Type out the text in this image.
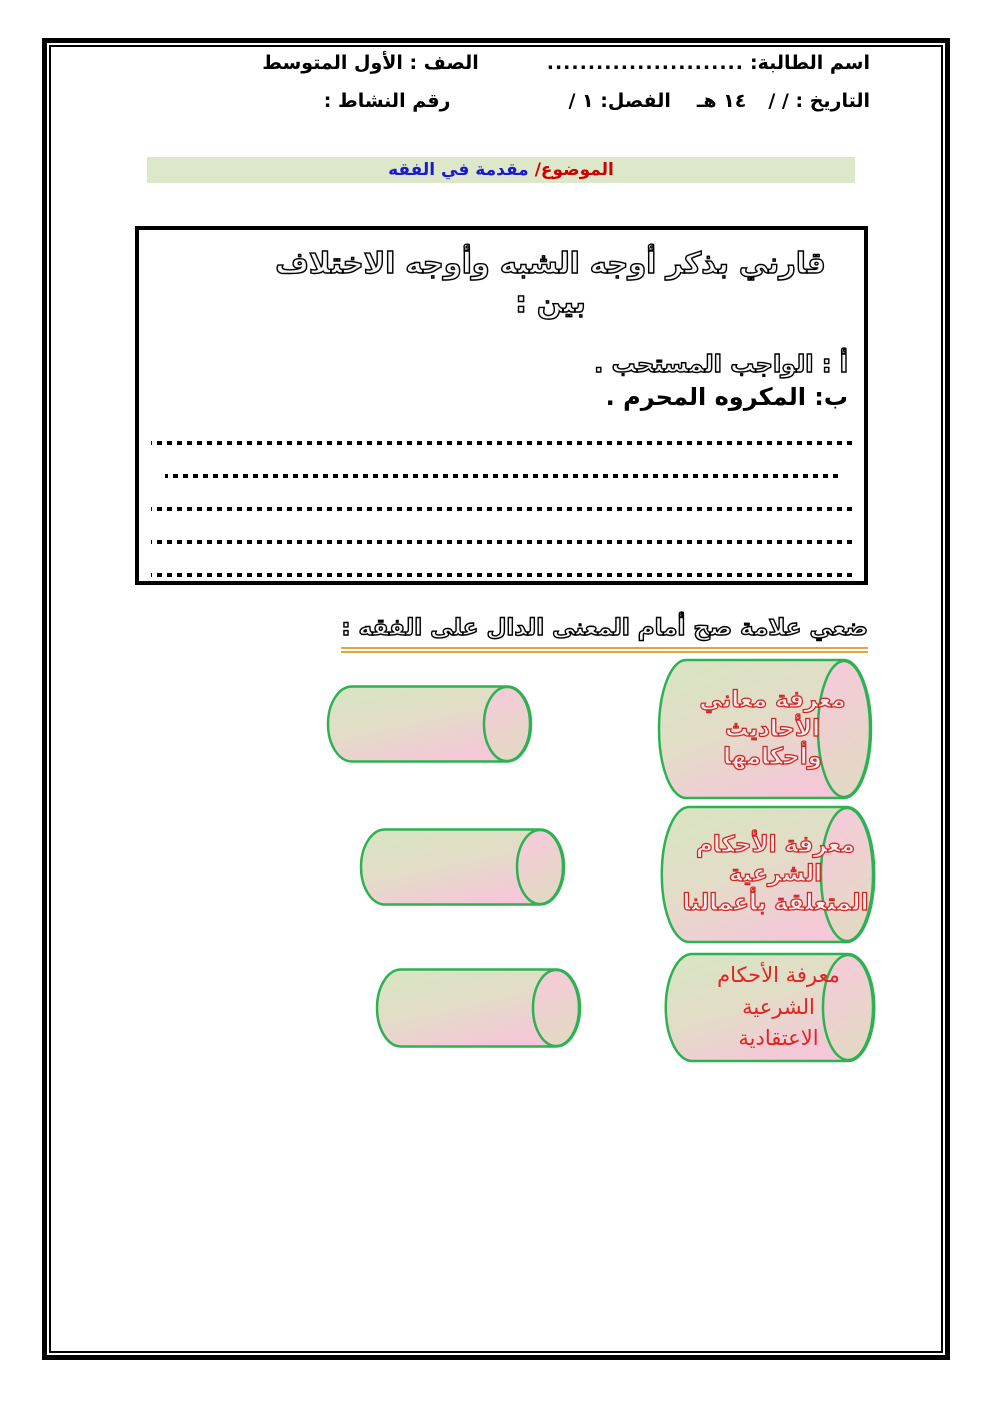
اسم الطالبة:
........................
الصف : الأول المتوسط
التاريخ : / /
١٤ هـ
الفصل: ١ /
رقم النشاط :
الموضوع/
مقدمة في الفقه
قارني بذكر أوجه الشبه وأوجه الاختلاف بين :
أ : الواجب المستحب .
ب: المكروه المحرم .
ضعي علامة صح أمام المعنى الدال على الفقه :
معرفة معاني
الأحاديث
وأحكامها
معرفة الأحكام
الشرعية
المتعلقة بأعمالنا
معرفة الأحكام
الشرعية
الاعتقادية
